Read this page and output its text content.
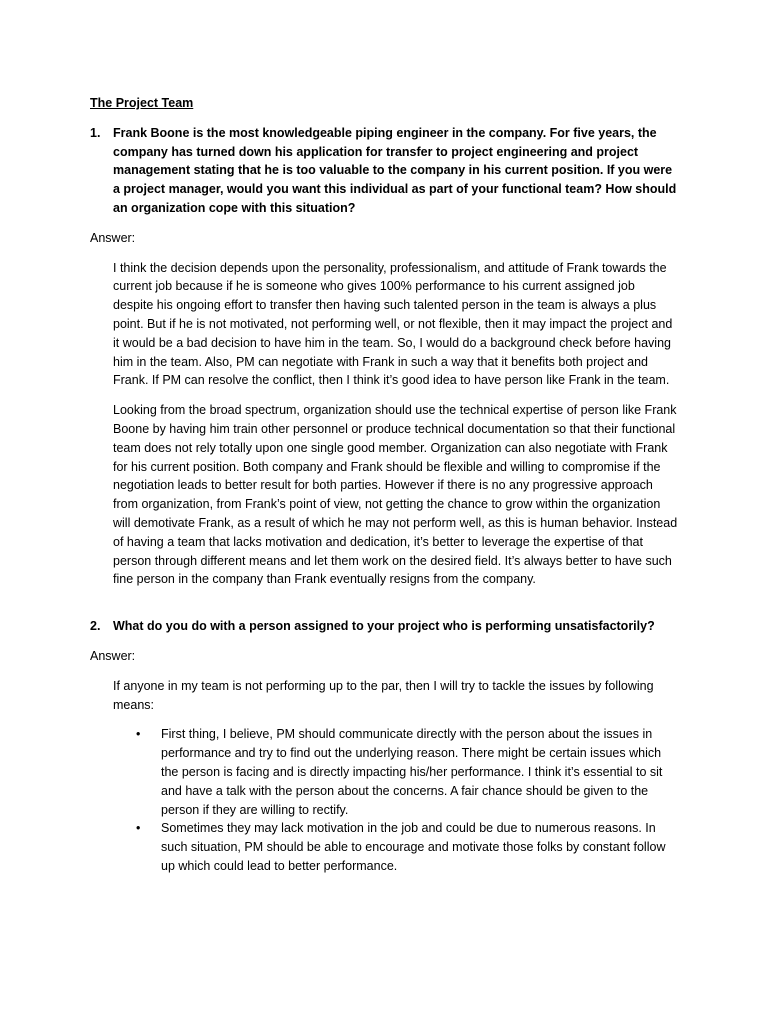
The Project Team
1.	Frank Boone is the most knowledgeable piping engineer in the company. For five years, the company has turned down his application for transfer to project engineering and project management stating that he is too valuable to the company in his current position. If you were a project manager, would you want this individual as part of your functional team? How should an organization cope with this situation?
Answer:

I think the decision depends upon the personality, professionalism, and attitude of Frank towards the current job because if he is someone who gives 100% performance to his current assigned job despite his ongoing effort to transfer then having such talented person in the team is always a plus point. But if he is not motivated, not performing well, or not flexible, then it may impact the project and it would be a bad decision to have him in the team. So, I would do a background check before having him in the team. Also, PM can negotiate with Frank in such a way that it benefits both project and Frank. If PM can resolve the conflict, then I think it’s good idea to have person like Frank in the team.

Looking from the broad spectrum, organization should use the technical expertise of person like Frank Boone by having him train other personnel or produce technical documentation so that their functional team does not rely totally upon one single good member. Organization can also negotiate with Frank for his current position. Both company and Frank should be flexible and willing to compromise if the negotiation leads to better result for both parties. However if there is no any progressive approach from organization, from Frank’s point of view, not getting the chance to grow within the organization will demotivate Frank, as a result of which he may not perform well, as this is human behavior. Instead of having a team that lacks motivation and dedication, it’s better to leverage the expertise of that person through different means and let them work on the desired field. It’s always better to have such fine person in the company than Frank eventually resigns from the company.

2.	What do you do with a person assigned to your project who is performing unsatisfactorily?
Answer:

If anyone in my team is not performing up to the par, then I will try to tackle the issues by following means:

•	First thing, I believe, PM should communicate directly with the person about the issues in performance and try to find out the underlying reason. There might be certain issues which the person is facing and is directly impacting his/her performance. I think it’s essential to sit and have a talk with the person about the concerns. A fair chance should be given to the person if they are willing to rectify.
•	Sometimes they may lack motivation in the job and could be due to numerous reasons. In such situation, PM should be able to encourage and motivate those folks by constant follow up which could lead to better performance.
